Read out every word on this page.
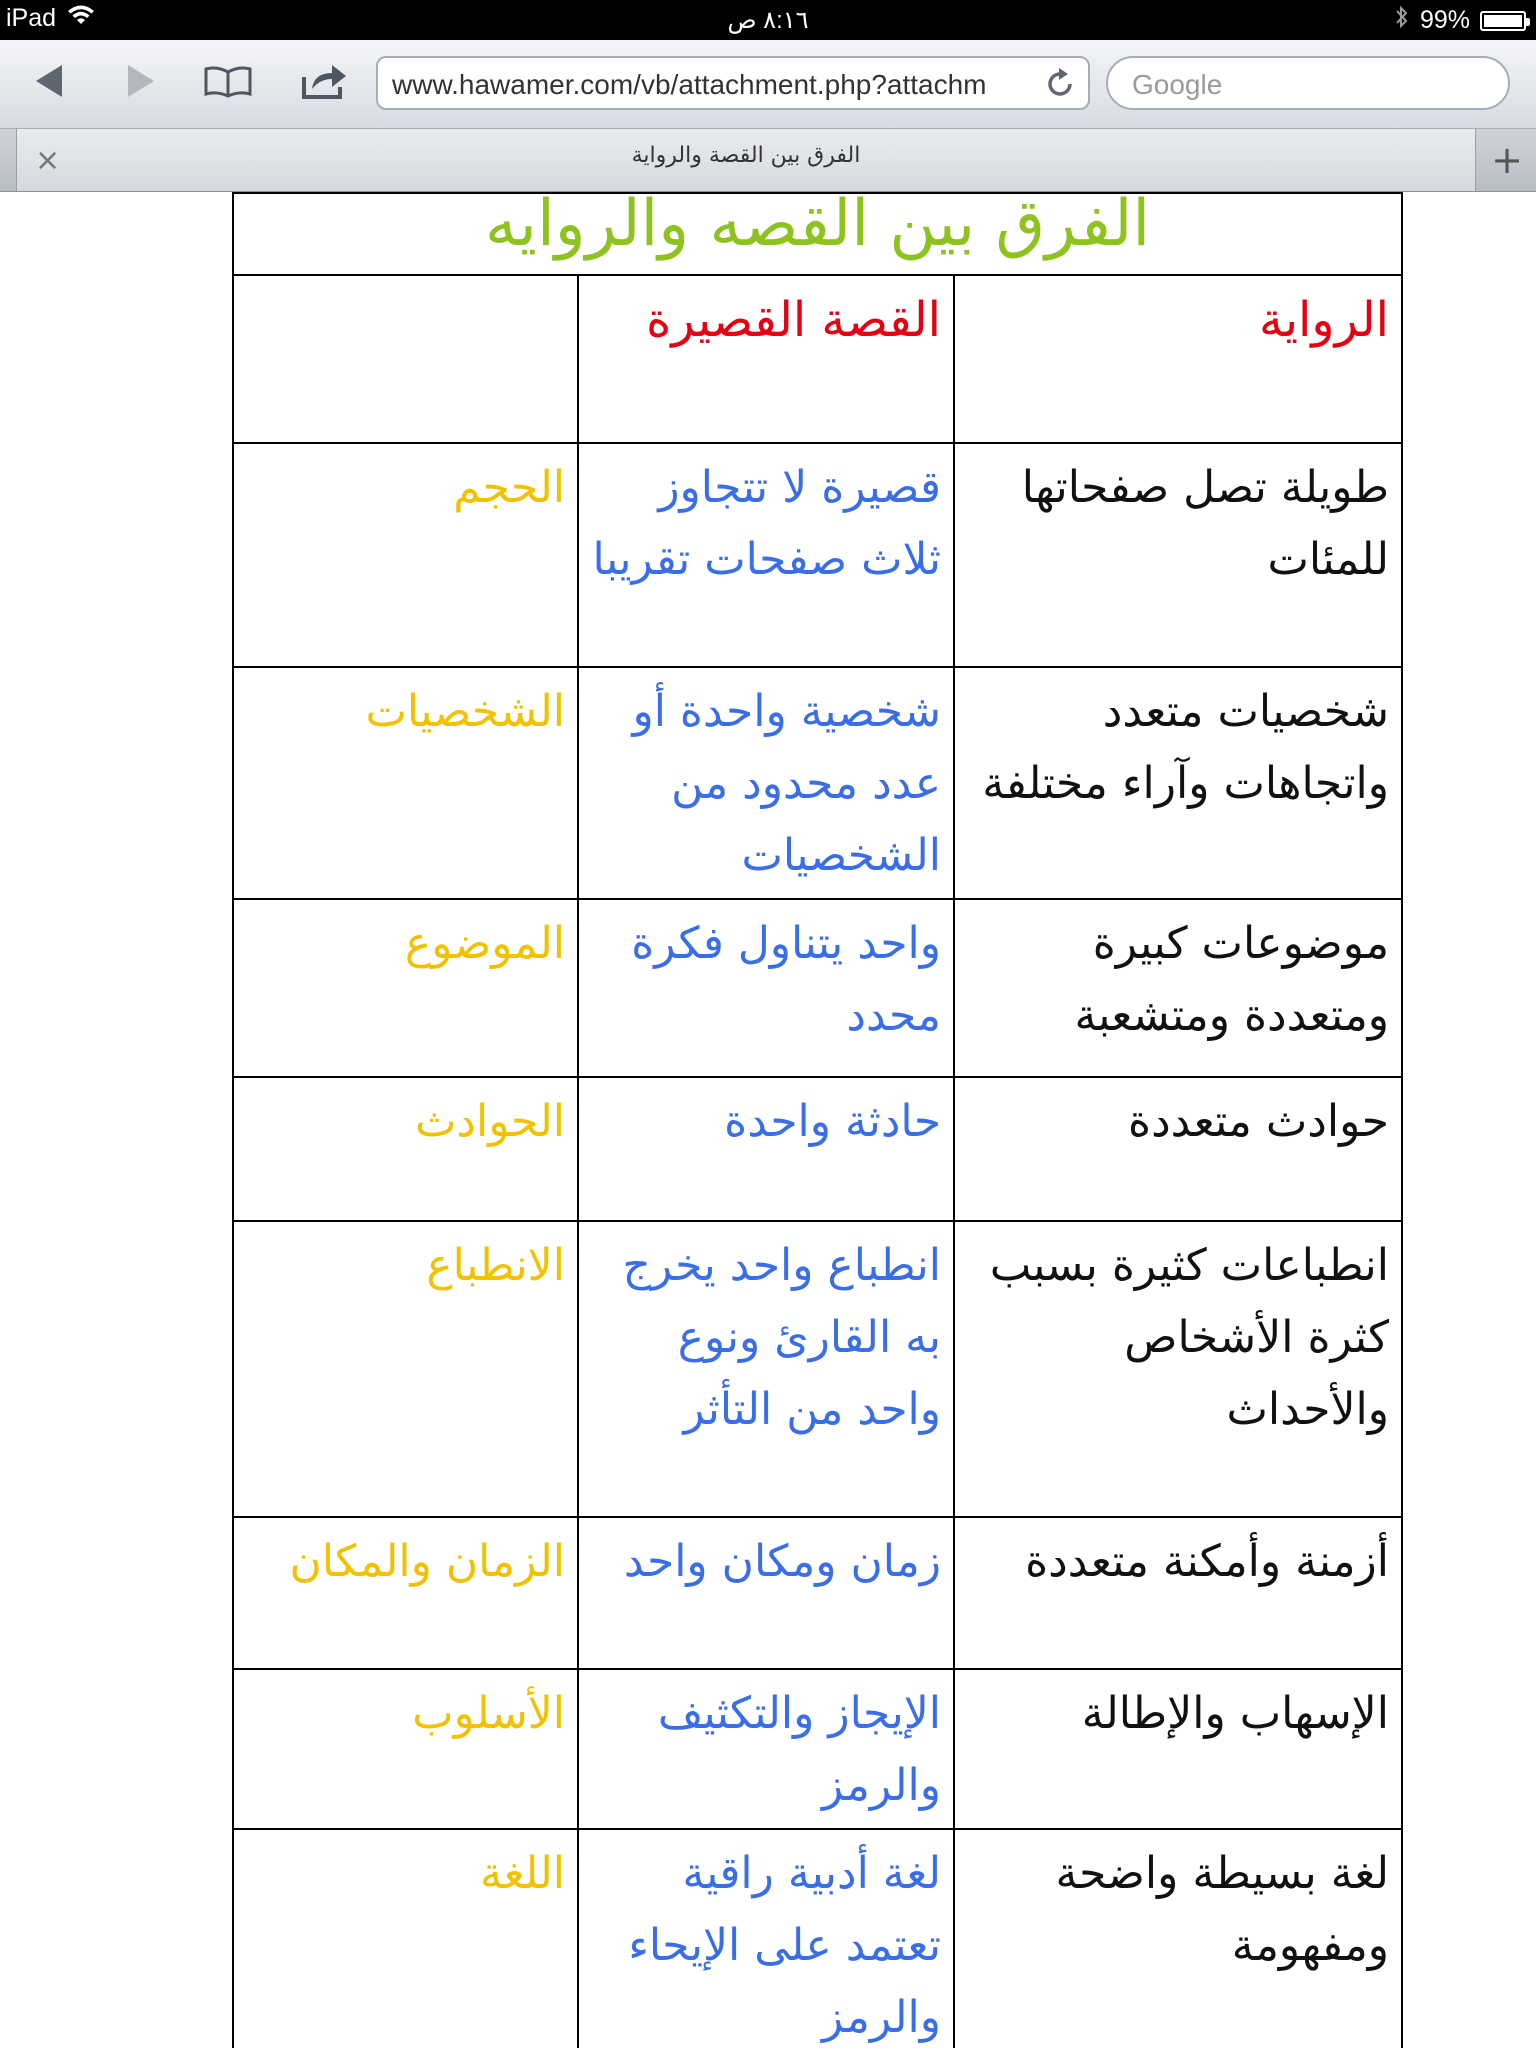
iPad	٨:١٦ ص	99%
www.hawamer.com/vb/attachment.php?attachm	Google
×	الفرق بين القصة والرواية	+
الفرق بين القصه والروايه		
الرواية	القصة القصيرة	
طويلة تصل صفحاتها للمئات	قصيرة لا تتجاوز ثلاث صفحات تقريبا	الحجم
شخصيات متعدد واتجاهات وآراء مختلفة	شخصية واحدة أو عدد محدود من الشخصيات	الشخصيات
موضوعات كبيرة ومتعددة ومتشعبة	واحد يتناول فكرة محدد	الموضوع
حوادث متعددة	حادثة واحدة	الحوادث
انطباعات كثيرة بسبب كثرة الأشخاص والأحداث	انطباع واحد يخرج به القارئ ونوع واحد من التأثر	الانطباع
أزمنة وأمكنة متعددة	زمان ومكان واحد	الزمان والمكان
الإسهاب والإطالة	الإيجاز والتكثيف والرمز	الأسلوب
لغة بسيطة واضحة ومفهومة	لغة أدبية راقية تعتمد على الإيحاء والرمز	اللغة
